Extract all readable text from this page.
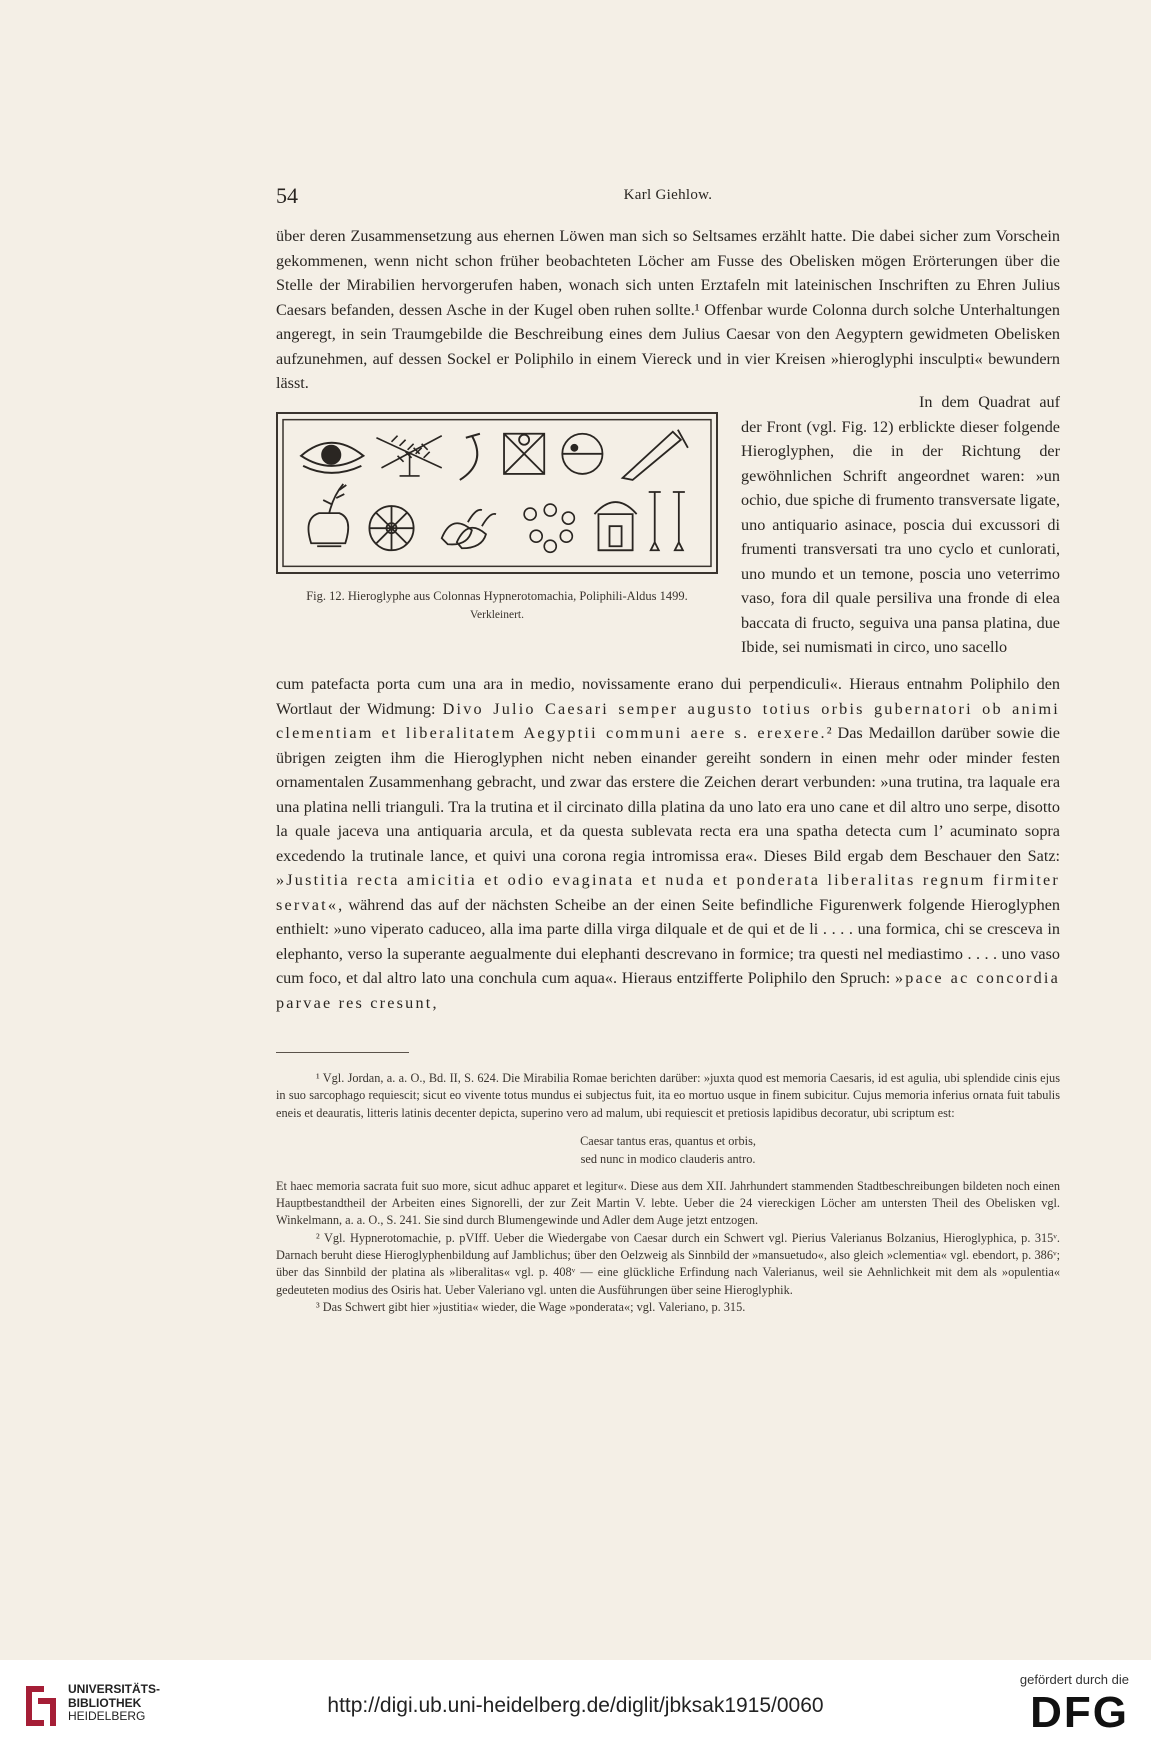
54	Karl Giehlow.

über deren Zusammensetzung aus ehernen Löwen man sich so Seltsames erzählt hatte. Die dabei sicher zum Vorschein gekommenen, wenn nicht schon früher beobachteten Löcher am Fusse des Obelisken mögen Erörterungen über die Stelle der Mirabilien hervorgerufen haben, wonach sich unten Erztafeln mit lateinischen Inschriften zu Ehren Julius Caesars befanden, dessen Asche in der Kugel oben ruhen sollte.¹ Offenbar wurde Colonna durch solche Unterhaltungen angeregt, in sein Traumgebilde die Beschreibung eines dem Julius Caesar von den Aegyptern gewidmeten Obelisken aufzunehmen, auf dessen Sockel er Poliphilo in einem Viereck und in vier Kreisen »hieroglyphi insculpti« bewundern lässt.

Fig. 12. Hieroglyphe aus Colonnas Hypnerotomachia, Poliphili-Aldus 1499.
Verkleinert.

In dem Quadrat auf der Front (vgl. Fig. 12) erblickte dieser folgende Hieroglyphen, die in der Richtung der gewöhnlichen Schrift angeordnet waren: »un ochio, due spiche di frumento transversate ligate, uno antiquario asinace, poscia dui excussori di frumenti transversati tra uno cyclo et cunlorati, uno mundo et un temone, poscia uno veterrimo vaso, fora dil quale persiliva una fronde di elea baccata di fructo, seguiva una pansa platina, due Ibide, sei numismati in circo, uno sacello

cum patefacta porta cum una ara in medio, novissamente erano dui perpendiculi«. Hieraus entnahm Poliphilo den Wortlaut der Widmung: Divo Julio Caesari semper augusto totius orbis gubernatori ob animi clementiam et liberalitatem Aegyptii communi aere s. erexere.² Das Medaillon darüber sowie die übrigen zeigten ihm die Hieroglyphen nicht neben einander gereiht sondern in einen mehr oder minder festen ornamentalen Zusammenhang gebracht, und zwar das erstere die Zeichen derart verbunden: »una trutina, tra laquale era una platina nelli trianguli. Tra la trutina et il circinato dilla platina da uno lato era uno cane et dil altro uno serpe, disotto la quale jaceva una antiquaria arcula, et da questa sublevata recta era una spatha detecta cum l’ acuminato sopra excedendo la trutinale lance, et quivi una corona regia intromissa era«. Dieses Bild ergab dem Beschauer den Satz: »Justitia recta amicitia et odio evaginata et nuda et ponderata liberalitas regnum firmiter servat«, während das auf der nächsten Scheibe an der einen Seite befindliche Figurenwerk folgende Hieroglyphen enthielt: »uno viperato caduceo, alla ima parte dilla virga dilquale et de qui et de li . . . . una formica, chi se cresceva in elephanto, verso la superante aegualmente dui elephanti descrevano in formice; tra questi nel mediastimo . . . . uno vaso cum foco, et dal altro lato una conchula cum aqua«. Hieraus entzifferte Poliphilo den Spruch: »pace ac concordia parvae res cresunt,

¹ Vgl. Jordan, a. a. O., Bd. II, S. 624. Die Mirabilia Romae berichten darüber: »juxta quod est memoria Caesaris, id est agulia, ubi splendide cinis ejus in suo sarcophago requiescit; sicut eo vivente totus mundus ei subjectus fuit, ita eo mortuo usque in finem subicitur. Cujus memoria inferius ornata fuit tabulis eneis et deauratis, litteris latinis decenter depicta, superino vero ad malum, ubi requiescit et pretiosis lapidibus decoratur, ubi scriptum est:

Caesar tantus eras, quantus et orbis,
sed nunc in modico clauderis antro.

Et haec memoria sacrata fuit suo more, sicut adhuc apparet et legitur«. Diese aus dem XII. Jahrhundert stammenden Stadtbeschreibungen bildeten noch einen Hauptbestandtheil der Arbeiten eines Signorelli, der zur Zeit Martin V. lebte. Ueber die 24 viereckigen Löcher am untersten Theil des Obelisken vgl. Winkelmann, a. a. O., S. 241. Sie sind durch Blumengewinde und Adler dem Auge jetzt entzogen.

² Vgl. Hypnerotomachie, p. pVIff. Ueber die Wiedergabe von Caesar durch ein Schwert vgl. Pierius Valerianus Bolzanius, Hieroglyphica, p. 315ᵛ. Darnach beruht diese Hieroglyphenbildung auf Jamblichus; über den Oelzweig als Sinnbild der »mansuetudo«, also gleich »clementia« vgl. ebendort, p. 386ᵛ; über das Sinnbild der platina als »liberalitas« vgl. p. 408ᵛ — eine glückliche Erfindung nach Valerianus, weil sie Aehnlichkeit mit dem als »opulentia« gedeuteten modius des Osiris hat. Ueber Valeriano vgl. unten die Ausführungen über seine Hieroglyphik.

³ Das Schwert gibt hier »justitia« wieder, die Wage »ponderata«; vgl. Valeriano, p. 315.

UNIVERSITÄTS-
BIBLIOTHEK
HEIDELBERG	http://digi.ub.uni-heidelberg.de/diglit/jbksak1915/0060
gefördert durch die
DFG
